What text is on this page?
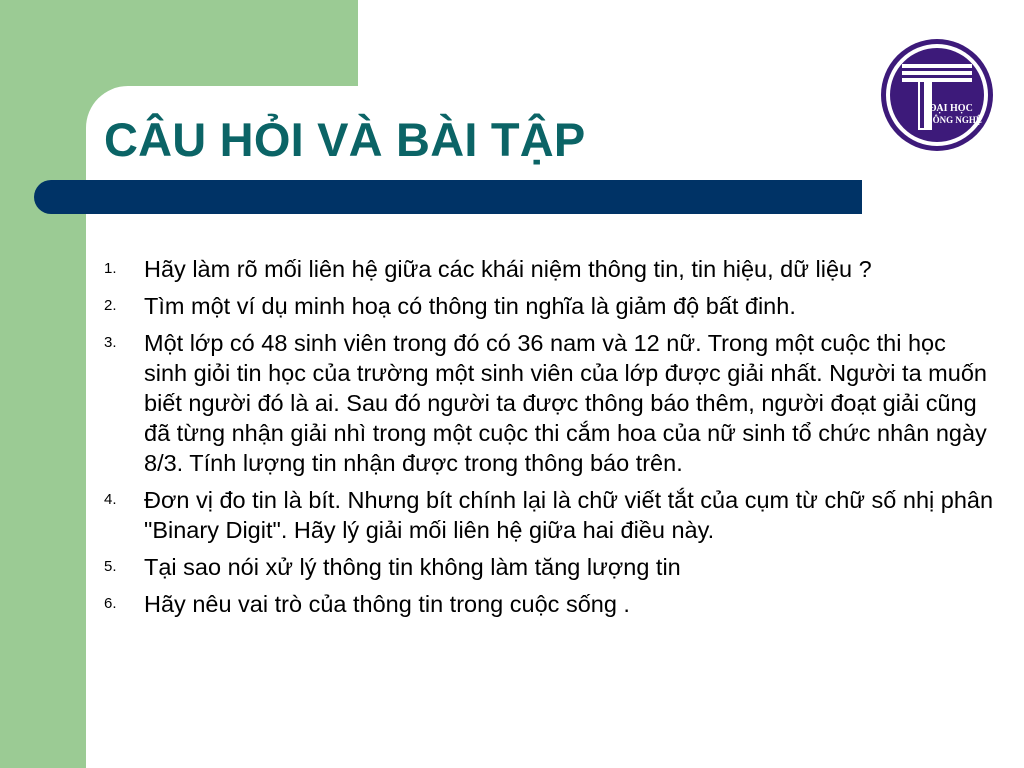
CÂU HỎI VÀ BÀI TẬP
ĐẠI HỌC
CÔNG NGHỆ
1.	Hãy làm rõ mối liên hệ giữa các khái niệm thông tin, tin hiệu, dữ liệu ?
2.	Tìm một ví dụ minh hoạ có thông tin nghĩa là giảm độ bất đinh.
3.	Một lớp có 48 sinh viên trong đó có 36 nam và 12 nữ. Trong một cuộc thi học sinh giỏi tin học của trường một sinh viên của lớp được giải nhất. Người ta muốn biết người đó là ai. Sau đó người ta được thông báo thêm, người đoạt giải cũng đã từng nhận giải nhì trong một cuộc thi cắm hoa của nữ sinh tổ chức nhân ngày 8/3. Tính lượng tin nhận được trong thông báo trên.
4.	Đơn vị đo tin là bít. Nhưng bít chính lại là chữ viết tắt của cụm từ chữ số nhị phân "Binary Digit". Hãy lý giải mối liên hệ giữa hai điều này.
5.	Tại sao nói xử lý thông tin không làm tăng lượng tin
6.	Hãy nêu vai trò của thông tin trong cuộc sống .
